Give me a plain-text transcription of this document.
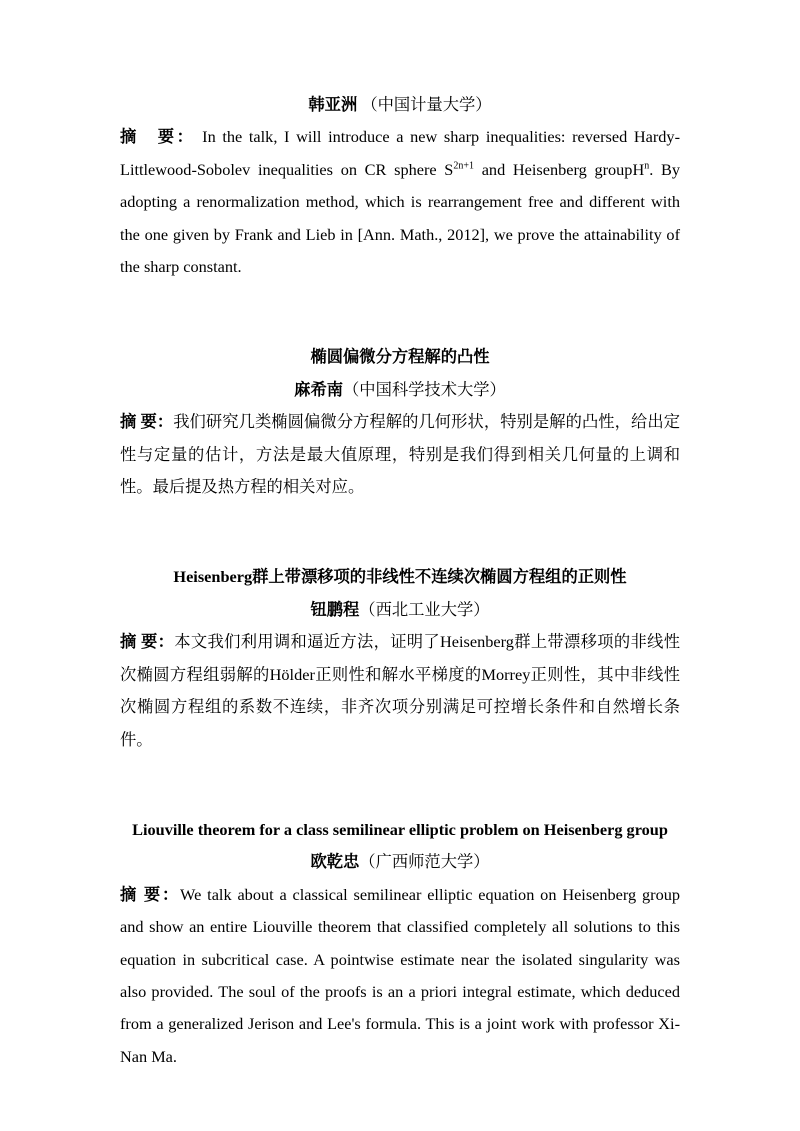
韩亚洲 （中国计量大学）

摘　要： In the talk, I will introduce a new sharp inequalities: reversed Hardy-Littlewood-Sobolev inequalities on CR sphere $S^{2n+1}$ and Heisenberg groupH$^n$. By adopting a renormalization method, which is rearrangement free and different with the one given by Frank and Lieb in [Ann. Math., 2012], we prove the attainability of the sharp constant.

椭圆偏微分方程解的凸性

麻希南（中国科学技术大学）

摘 要：我们研究几类椭圆偏微分方程解的几何形状，特别是解的凸性，给出定性与定量的估计，方法是最大值原理，特别是我们得到相关几何量的上调和性。最后提及热方程的相关对应。

Heisenberg群上带漂移项的非线性不连续次椭圆方程组的正则性

钮鹏程（西北工业大学）

摘 要：本文我们利用调和逼近方法，证明了Heisenberg群上带漂移项的非线性次椭圆方程组弱解的Hölder正则性和解水平梯度的Morrey正则性，其中非线性次椭圆方程组的系数不连续，非齐次项分别满足可控增长条件和自然增长条件。

Liouville theorem for a class semilinear elliptic problem on Heisenberg group

欧乾忠（广西师范大学）

摘 要：We talk about a classical semilinear elliptic equation on Heisenberg group and show an entire Liouville theorem that classified completely all solutions to this equation in subcritical case. A pointwise estimate near the isolated singularity was also provided. The soul of the proofs is an a priori integral estimate, which deduced from a generalized Jerison and Lee's formula. This is a joint work with professor Xi-Nan Ma.
